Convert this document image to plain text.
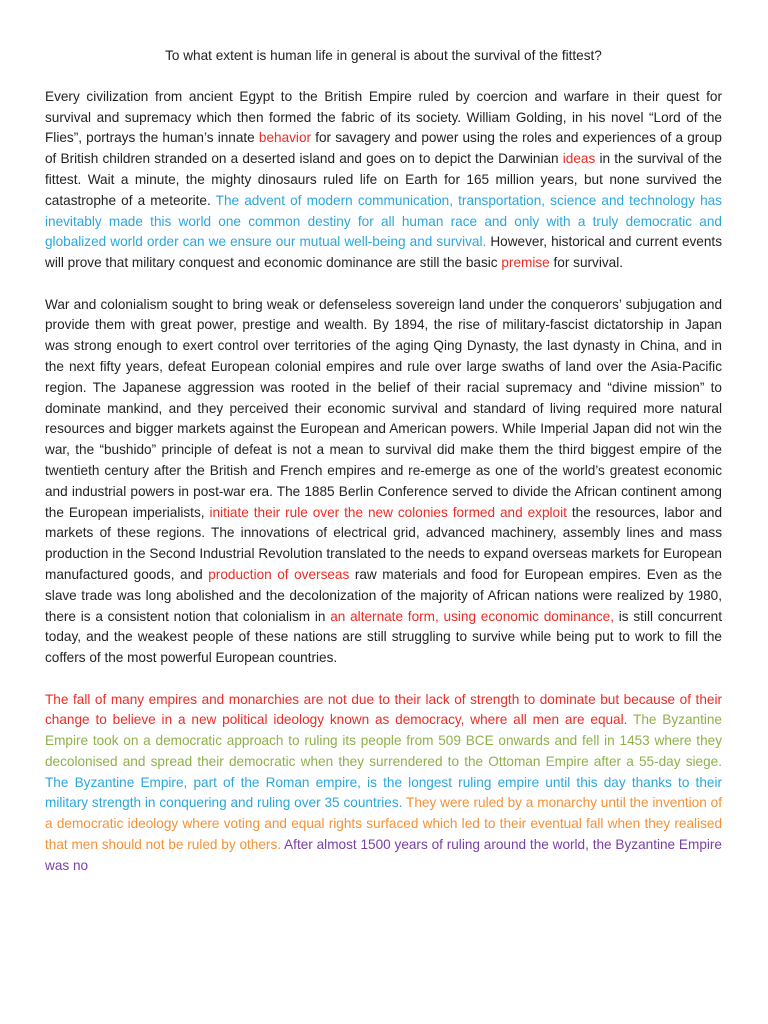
To what extent is human life in general is about the survival of the fittest?

Every civilization from ancient Egypt to the British Empire ruled by coercion and warfare in their quest for survival and supremacy which then formed the fabric of its society. William Golding, in his novel “Lord of the Flies”, portrays the human’s innate behavior for savagery and power using the roles and experiences of a group of British children stranded on a deserted island and goes on to depict the Darwinian ideas in the survival of the fittest. Wait a minute, the mighty dinosaurs ruled life on Earth for 165 million years, but none survived the catastrophe of a meteorite. The advent of modern communication, transportation, science and technology has inevitably made this world one common destiny for all human race and only with a truly democratic and globalized world order can we ensure our mutual well-being and survival. However, historical and current events will prove that military conquest and economic dominance are still the basic premise for survival.

War and colonialism sought to bring weak or defenseless sovereign land under the conquerors’ subjugation and provide them with great power, prestige and wealth. By 1894, the rise of military-fascist dictatorship in Japan was strong enough to exert control over territories of the aging Qing Dynasty, the last dynasty in China, and in the next fifty years, defeat European colonial empires and rule over large swaths of land over the Asia-Pacific region. The Japanese aggression was rooted in the belief of their racial supremacy and “divine mission” to dominate mankind, and they perceived their economic survival and standard of living required more natural resources and bigger markets against the European and American powers. While Imperial Japan did not win the war, the “bushido” principle of defeat is not a mean to survival did make them the third biggest empire of the twentieth century after the British and French empires and re-emerge as one of the world’s greatest economic and industrial powers in post-war era. The 1885 Berlin Conference served to divide the African continent among the European imperialists, initiate their rule over the new colonies formed and exploit the resources, labor and markets of these regions. The innovations of electrical grid, advanced machinery, assembly lines and mass production in the Second Industrial Revolution translated to the needs to expand overseas markets for European manufactured goods, and production of overseas raw materials and food for European empires. Even as the slave trade was long abolished and the decolonization of the majority of African nations were realized by 1980, there is a consistent notion that colonialism in an alternate form, using economic dominance, is still concurrent today, and the weakest people of these nations are still struggling to survive while being put to work to fill the coffers of the most powerful European countries.

The fall of many empires and monarchies are not due to their lack of strength to dominate but because of their change to believe in a new political ideology known as democracy, where all men are equal. The Byzantine Empire took on a democratic approach to ruling its people from 509 BCE onwards and fell in 1453 where they decolonised and spread their democratic when they surrendered to the Ottoman Empire after a 55-day siege. The Byzantine Empire, part of the Roman empire, is the longest ruling empire until this day thanks to their military strength in conquering and ruling over 35 countries. They were ruled by a monarchy until the invention of a democratic ideology where voting and equal rights surfaced which led to their eventual fall when they realised that men should not be ruled by others. After almost 1500 years of ruling around the world, the Byzantine Empire was no
